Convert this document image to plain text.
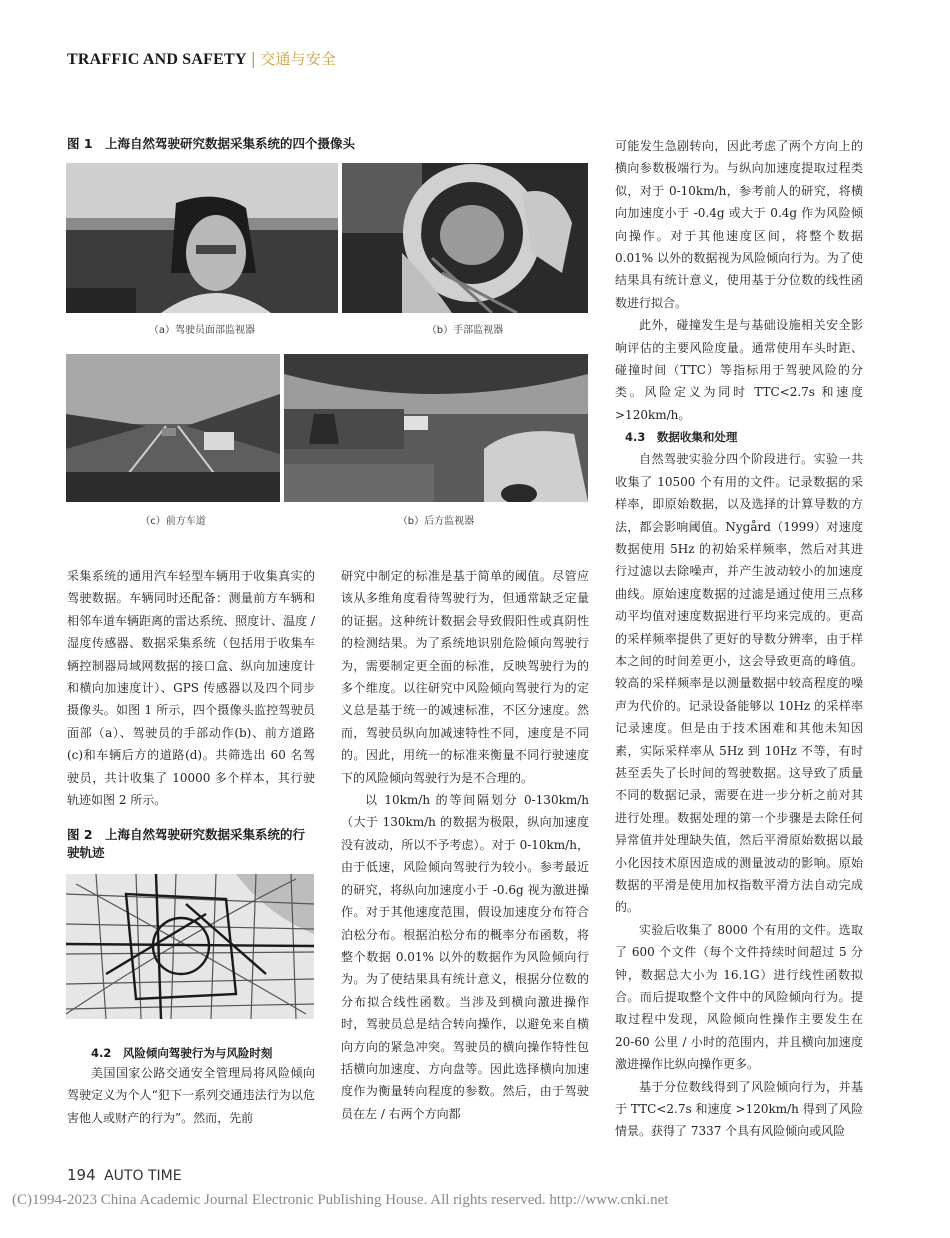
TRAFFIC AND SAFETY | 交通与安全
图 1　上海自然驾驶研究数据采集系统的四个摄像头
（a）驾驶员面部监视器	（b）手部监视器
（c）前方车道	（b）后方监视器

采集系统的通用汽车轻型车辆用于收集真实的驾驶数据。车辆同时还配备：测量前方车辆和相邻车道车辆距离的雷达系统、照度计、温度 / 湿度传感器、数据采集系统（包括用于收集车辆控制器局域网数据的接口盒、纵向加速度计和横向加速度计）、GPS 传感器以及四个同步摄像头。如图 1 所示，四个摄像头监控驾驶员面部（a）、驾驶员的手部动作(b)、前方道路(c)和车辆后方的道路(d)。共筛选出 60 名驾驶员，共计收集了 10000 多个样本，其行驶轨迹如图 2 所示。

图 2　上海自然驾驶研究数据采集系统的行驶轨迹
4.2　风险倾向驾驶行为与风险时刻

美国国家公路交通安全管理局将风险倾向驾驶定义为个人“犯下一系列交通违法行为以危害他人或财产的行为”。然而，先前

研究中制定的标准是基于简单的阈值。尽管应该从多维角度看待驾驶行为，但通常缺乏定量的证据。这种统计数据会导致假阳性或真阴性的检测结果。为了系统地识别危险倾向驾驶行为，需要制定更全面的标准，反映驾驶行为的多个维度。以往研究中风险倾向驾驶行为的定义总是基于统一的减速标准，不区分速度。然而，驾驶员纵向加减速特性不同，速度是不同的。因此，用统一的标准来衡量不同行驶速度下的风险倾向驾驶行为是不合理的。

以 10km/h 的等间隔划分 0-130km/h（大于 130km/h 的数据为极限，纵向加速度没有波动，所以不予考虑）。对于 0-10km/h，由于低速，风险倾向驾驶行为较小。参考最近的研究，将纵向加速度小于 -0.6g 视为激进操作。对于其他速度范围，假设加速度分布符合泊松分布。根据泊松分布的概率分布函数，将整个数据 0.01% 以外的数据作为风险倾向行为。为了使结果具有统计意义，根据分位数的分布拟合线性函数。当涉及到横向激进操作时，驾驶员总是结合转向操作，以避免来自横向方向的紧急冲突。驾驶员的横向操作特性包括横向加速度、方向盘等。因此选择横向加速度作为衡量转向程度的参数。然后，由于驾驶员在左 / 右两个方向都

可能发生急剧转向，因此考虑了两个方向上的横向参数极端行为。与纵向加速度提取过程类似，对于 0-10km/h，参考前人的研究，将横向加速度小于 -0.4g 或大于 0.4g 作为风险倾向操作。对于其他速度区间，将整个数据 0.01% 以外的数据视为风险倾向行为。为了使结果具有统计意义，使用基于分位数的线性函数进行拟合。

此外，碰撞发生是与基础设施相关安全影响评估的主要风险度量。通常使用车头时距、碰撞时间（TTC）等指标用于驾驶风险的分类。风险定义为同时 TTC<2.7s 和速度 >120km/h。

4.3　数据收集和处理

自然驾驶实验分四个阶段进行。实验一共收集了 10500 个有用的文件。记录数据的采样率，即原始数据，以及选择的计算导数的方法，都会影响阈值。Nygård（1999）对速度数据使用 5Hz 的初始采样频率，然后对其进行过滤以去除噪声，并产生波动较小的加速度曲线。原始速度数据的过滤是通过使用三点移动平均值对速度数据进行平均来完成的。更高的采样频率提供了更好的导数分辨率，由于样本之间的时间差更小，这会导致更高的峰值。较高的采样频率是以测量数据中较高程度的噪声为代价的。记录设备能够以 10Hz 的采样率记录速度。但是由于技术困难和其他未知因素，实际采样率从 5Hz 到 10Hz 不等，有时甚至丢失了长时间的驾驶数据。这导致了质量不同的数据记录，需要在进一步分析之前对其进行处理。数据处理的第一个步骤是去除任何异常值并处理缺失值，然后平滑原始数据以最小化因技术原因造成的测量波动的影响。原始数据的平滑是使用加权指数平滑方法自动完成的。

实验后收集了 8000 个有用的文件。选取了 600 个文件（每个文件持续时间超过 5 分钟，数据总大小为 16.1G）进行线性函数拟合。而后提取整个文件中的风险倾向行为。提取过程中发现，风险倾向性操作主要发生在 20-60 公里 / 小时的范围内，并且横向加速度激进操作比纵向操作更多。

基于分位数线得到了风险倾向行为，并基于 TTC<2.7s 和速度 >120km/h 得到了风险情景。获得了 7337 个具有风险倾向或风险

194 AUTO TIME
(C)1994-2023 China Academic Journal Electronic Publishing House. All rights reserved. http://www.cnki.net
